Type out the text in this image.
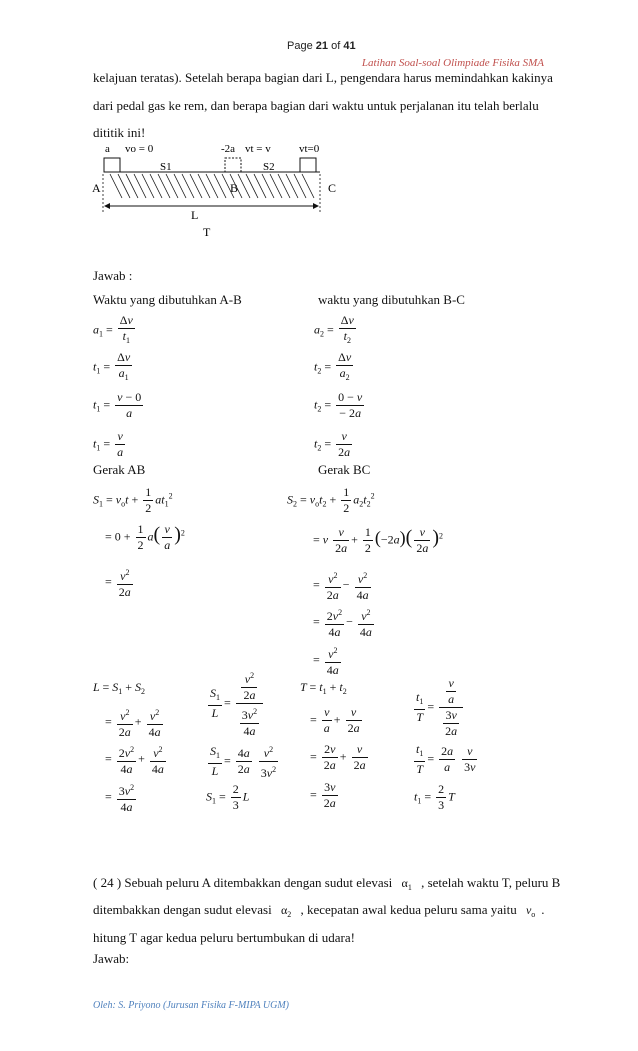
Page 21 of 41
Latihan Soal-soal Olimpiade Fisika SMA
kelajuan teratas). Setelah berapa bagian dari L, pengendara harus memindahkan kakinya
dari pedal gas ke rem, dan berapa bagian dari waktu untuk perjalanan itu telah berlalu
dititik ini!
a vo = 0	-2a vt = v	vt=0
S1	S2
A	B	C
L
T
Jawab :
Waktu yang dibutuhkan A-B	waktu yang dibutuhkan B-C
$a_1 = \frac{\Delta v}{t_1}$
$t_1 = \frac{\Delta v}{a_1}$
$t_1 = \frac{v - 0}{a}$
$t_1 = \frac{v}{a}$
$a_2 = \frac{\Delta v}{t_2}$
$t_2 = \frac{\Delta v}{a_2}$
$t_2 = \frac{0 - v}{- 2a}$
$t_2 = \frac{v}{2a}$
Gerak AB	Gerak BC
$S_1 = v_ot + \frac{1}{2} at_1^2$
= $0 + \frac{1}{2} a( \frac{v}{a} )^2$
= $\frac{v^2}{2a}$
$S_2 = v_ot_2 + \frac{1}{2} a_2t_2^2$
= v $\frac{v}{2a} + \frac{1}{2} (-2a)( \frac{v}{2a} )^2$
= $\frac{v^2}{2a} - \frac{v^2}{4a}$
= $\frac{2v^2}{4a} - \frac{v^2}{4a}$
= $\frac{v^2}{4a}$
$L = S_1 + S_2$
= $\frac{v^2}{2a} + \frac{v^2}{4a}$
= $\frac{2v^2}{4a} + \frac{v^2}{4a}$
= $\frac{3v^2}{4a}$
$\frac{S_1}{L} = \frac{\frac{v^2}{2a}}{\frac{3v^2}{4a}}$
$\frac{S_1}{L} = \frac{4a}{2a}$
$\frac{v^2}{3v^2}$
$S_1 = \frac{2}{3}$ L
$T = t_1 + t_2$
= $\frac{v}{a} + \frac{v}{2a}$
= $\frac{2v}{2a} + \frac{v}{2a}$
= $\frac{3v}{2a}$
$\frac{t_1}{T} = \frac{\frac{v}{a}}{\frac{3v}{2a}}$
$\frac{t_1}{T} = \frac{2a}{a}$
$\frac{v}{3v}$
$t_1 = \frac{2}{3}$ T
( 24 ) Sebuah peluru A ditembakkan dengan sudut elevasi $\alpha_1$ , setelah waktu T, peluru B
ditembakkan dengan sudut elevasi $\alpha_2$ , kecepatan awal kedua peluru sama yaitu $v_o$ .
hitung T agar kedua peluru bertumbukan di udara!
Jawab:
Oleh: S. Priyono (Jurusan Fisika F-MIPA UGM)
